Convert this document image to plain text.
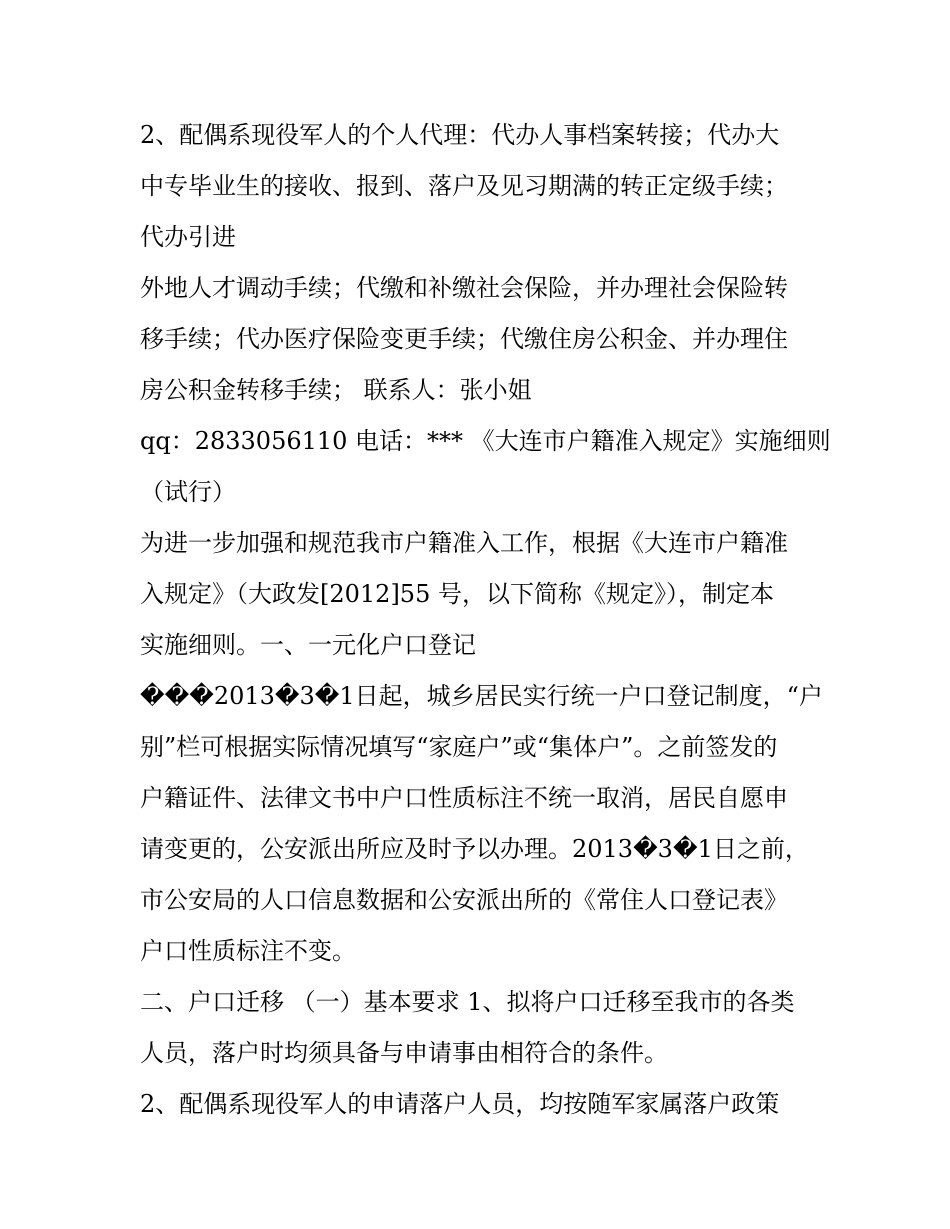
2、配偶系现役军人的个人代理：代办人事档案转接；代办大
中专毕业生的接收、报到、落户及见习期满的转正定级手续；
代办引进
外地人才调动手续；代缴和补缴社会保险，并办理社会保险转
移手续；代办医疗保险变更手续；代缴住房公积金、并办理住
房公积金转移手续； 联系人：张小姐
qq：2833056110 电话：*** 《大连市户籍准入规定》实施细则
（试行）
为进一步加强和规范我市户籍准入工作，根据《大连市户籍准
入规定》（大政发[2012]55 号，以下简称《规定》），制定本
实施细则。一、一元化户口登记
���2013�3�1日起，城乡居民实行统一户口登记制度，“户
别”栏可根据实际情况填写“家庭户”或“集体户”。之前签发的
户籍证件、法律文书中户口性质标注不统一取消，居民自愿申
请变更的，公安派出所应及时予以办理。2013�3�1日之前，
市公安局的人口信息数据和公安派出所的《常住人口登记表》
户口性质标注不变。
二、户口迁移 （一）基本要求 1、拟将户口迁移至我市的各类
人员，落户时均须具备与申请事由相符合的条件。
2、配偶系现役军人的申请落户人员，均按随军家属落户政策
